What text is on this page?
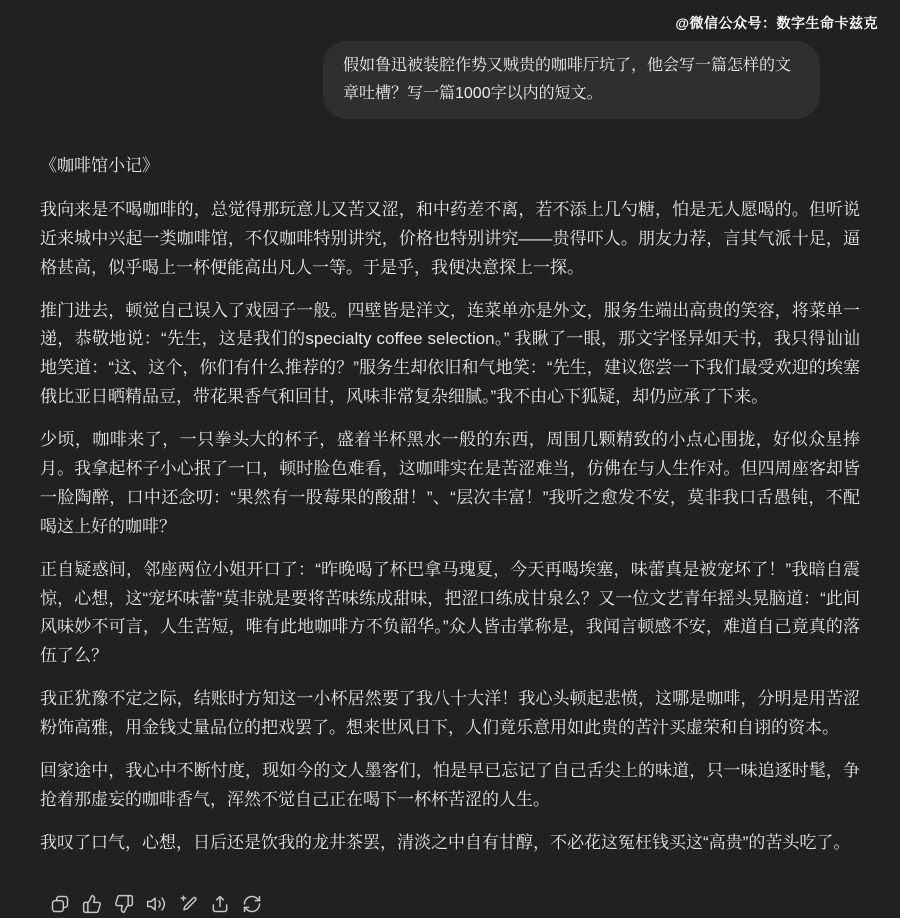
@微信公众号：数字生命卡兹克
假如鲁迅被装腔作势又贼贵的咖啡厅坑了，他会写一篇怎样的文章吐槽？写一篇1000字以内的短文。

《咖啡馆小记》

我向来是不喝咖啡的，总觉得那玩意儿又苦又涩，和中药差不离，若不添上几勺糖，怕是无人愿喝的。但听说近来城中兴起一类咖啡馆，不仅咖啡特别讲究，价格也特别讲究——贵得吓人。朋友力荐，言其气派十足，逼格甚高，似乎喝上一杯便能高出凡人一等。于是乎，我便决意探上一探。

推门进去，顿觉自己误入了戏园子一般。四壁皆是洋文，连菜单亦是外文，服务生端出高贵的笑容，将菜单一递，恭敬地说：“先生，这是我们的specialty coffee selection。” 我瞅了一眼，那文字怪异如天书，我只得讪讪地笑道：“这、这个，你们有什么推荐的？”服务生却依旧和气地笑：“先生，建议您尝一下我们最受欢迎的埃塞俄比亚日晒精品豆，带花果香气和回甘，风味非常复杂细腻。”我不由心下狐疑，却仍应承了下来。

少顷，咖啡来了，一只拳头大的杯子，盛着半杯黑水一般的东西，周围几颗精致的小点心围拢，好似众星捧月。我拿起杯子小心抿了一口，顿时脸色难看，这咖啡实在是苦涩难当，仿佛在与人生作对。但四周座客却皆一脸陶醉，口中还念叨：“果然有一股莓果的酸甜！”、“层次丰富！”我听之愈发不安，莫非我口舌愚钝，不配喝这上好的咖啡？

正自疑惑间，邻座两位小姐开口了：“昨晚喝了杯巴拿马瑰夏，今天再喝埃塞，味蕾真是被宠坏了！”我暗自震惊，心想，这“宠坏味蕾”莫非就是要将苦味练成甜味，把涩口练成甘泉么？又一位文艺青年摇头晃脑道：“此间风味妙不可言，人生苦短，唯有此地咖啡方不负韶华。”众人皆击掌称是，我闻言顿感不安，难道自己竟真的落伍了么？

我正犹豫不定之际，结账时方知这一小杯居然要了我八十大洋！我心头顿起悲愤，这哪是咖啡，分明是用苦涩粉饰高雅，用金钱丈量品位的把戏罢了。想来世风日下，人们竟乐意用如此贵的苦汁买虚荣和自诩的资本。

回家途中，我心中不断忖度，现如今的文人墨客们，怕是早已忘记了自己舌尖上的味道，只一味追逐时髦，争抢着那虚妄的咖啡香气，浑然不觉自己正在喝下一杯杯苦涩的人生。

我叹了口气，心想，日后还是饮我的龙井茶罢，清淡之中自有甘醇，不必花这冤枉钱买这“高贵”的苦头吃了。
